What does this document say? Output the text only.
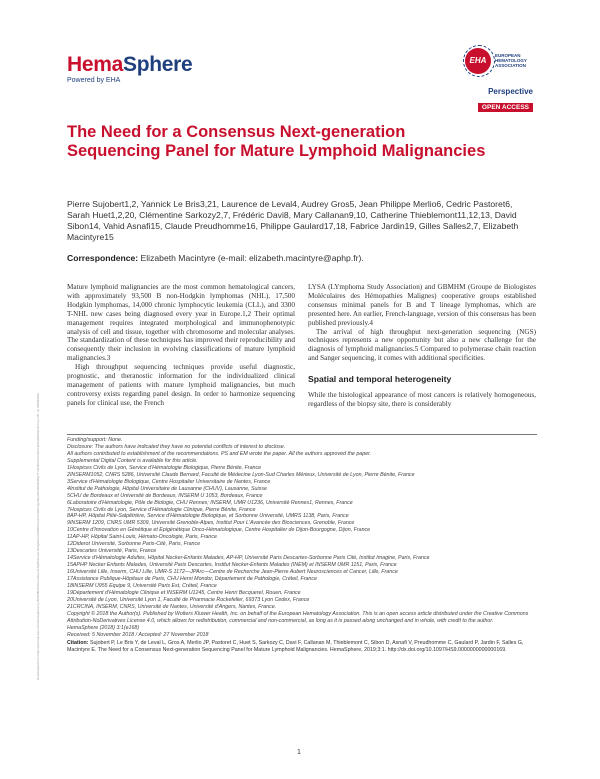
Downloaded from https://journals.lww.com/hemasphere by BhDMf5ePHKav1zEoum1tQfN4a+kJLhEZgbsIHo4XMi0hCywCX1AWnYQp/IlQrHD3i3D0OdRyi7TvSFl4Cf3VC4/OAVpDDa8KKGKV0Ymy+78= on 09/08/2023
HemaSphere
Powered by EHA
EHA
EUROPEAN
HEMATOLOGY
ASSOCIATION
Perspective
OPEN ACCESS
The Need for a Consensus Next-generation Sequencing Panel for Mature Lymphoid Malignancies

Pierre Sujobert1,2, Yannick Le Bris3,21, Laurence de Leval4, Audrey Gros5, Jean Philippe Merlio6, Cedric Pastoret6, Sarah Huet1,2,20, Clémentine Sarkozy2,7, Frédéric Davi8, Mary Callanan9,10, Catherine Thieblemont11,12,13, David Sibon14, Vahid Asnafi15, Claude Preudhomme16, Philippe Gaulard17,18, Fabrice Jardin19, Gilles Salles2,7, Elizabeth Macintyre15

Correspondence: Elizabeth Macintyre (e-mail: elizabeth.macintyre@aphp.fr).

Mature lymphoid malignancies are the most common hematological cancers, with approximately 93,500 B non-Hodgkin lymphomas (NHL), 17,500 Hodgkin lymphomas, 14,000 chronic lymphocytic leukemia (CLL), and 3300 T-NHL new cases being diagnosed every year in Europe.1,2 Their optimal management requires integrated morphological and immunophenotypic analysis of cell and tissue, together with chromosome and molecular analyses. The standardization of these techniques has improved their reproducibility and consequently their inclusion in evolving classifications of mature lymphoid malignancies.3

High throughput sequencing techniques provide useful diagnostic, prognostic, and theranostic information for the individualized clinical management of patients with mature lymphoid malignancies, but much controversy exists regarding panel design. In order to harmonize sequencing panels for clinical use, the French

LYSA (LYmphoma Study Association) and GBMHM (Groupe de Biologistes Moléculaires des Hémopathies Malignes) cooperative groups established consensus minimal panels for B and T lineage lymphomas, which are presented here. An earlier, French-language, version of this consensus has been published previously.4

The arrival of high throughput next-generation sequencing (NGS) techniques represents a new opportunity but also a new challenge for the diagnosis of lymphoid malignancies.5 Compared to polymerase chain reaction and Sanger sequencing, it comes with additional specificities.

Spatial and temporal heterogeneity

While the histological appearance of most cancers is relatively homogeneous, regardless of the biopsy site, there is considerably

Funding/support: None.
Disclosure: The authors have indicated they have no potential conflicts of interest to disclose.
All authors contributed to establishment of the recommendations. PS and EM wrote the paper. All the authors approved the paper.
Supplemental Digital Content is available for this article.
1Hospices Civils de Lyon, Service d'Hématologie Biologique, Pierre Bénite, France
2INSERM1052, CNRS 5286, Université Claude Bernard, Faculté de Médecine Lyon-Sud Charles Mérieux, Université de Lyon, Pierre Bénite, France
3Service d'Hématologie Biologique, Centre Hospitalier Universitaire de Nantes, France
4Institut de Pathologie, Hôpital Universitaire de Lausanne (CHUV), Lausanne, Suisse
5CHU de Bordeaux et Université de Bordeaux, INSERM U 1053, Bordeaux, France
6Laboratoire d'Hématologie, Pôle de Biologie, CHU Rennes; INSERM, UMR U1236, Université Rennes1, Rennes, France
7Hospices Civils de Lyon, Service d'Hématologie Clinique, Pierre Bénite, France
8AP-HP, Hôpital Pitié-Salpêtrière, Service d'Hématologie Biologique, et Sorbonne Université, UMRS 1138, Paris, France
9INSERM 1209, CNRS UMR 5309, Université Grenoble-Alpes, Institut Pour L'Avancée des Biosciences, Grenoble, France
10Centre d'Innovation en Génétique et Epigénétique Onco-Hématologique, Centre Hospitalier de Dijon-Bourgogne, Dijon, France
11AP-HP, Hôpital Saint-Louis, Hémato-Oncologie, Paris, France
12Diderot Université, Sorbonne Paris-Cité, Paris, France
13Descartes Université, Paris, France
14Service d'Hématologie Adultes, Hôpital Necker-Enfants Malades, AP-HP, Université Paris Descartes-Sorbonne Paris Cité, Institut Imagine, Paris, France
15APHP Necker Enfants Malades, Université Paris Descartes, Institut Necker-Enfants Malades (INEM) et INSERM UMR 1151, Paris, France
16Université Lille, Inserm, CHU Lille, UMR-S 1172—JPArc—Centre de Recherche Jean-Pierre Aubert Neurosciences et Cancer, Lille, France
17Assistance Publique-Hôpitaux de Paris, CHU Henri Mondor, Département de Pathologie, Créteil, France
18INSERM U955 Équipe 9, Université Paris Est, Créteil, France
19Département d'Hématologie Clinique et INSERM U1245, Centre Henri Becquerel, Rouen, France
20Université de Lyon, Université Lyon 1, Faculté de Pharmacie Rockefeller, 69373 Lyon Cedex, France
21CRCINA, INSERM, CNRS, Université de Nantes, Université d'Angers, Nantes, France.
Copyright © 2018 the Author(s). Published by Wolters Kluwer Health, Inc. on behalf of the European Hematology Association. This is an open access article distributed under the Creative Commons Attribution-NoDerivatives License 4.0, which allows for redistribution, commercial and non-commercial, as long as it is passed along unchanged and in whole, with credit to the author.
HemaSphere (2018) 3:1(e168)
Received: 5 November 2018 / Accepted: 27 November 2018
Citation: Sujobert P, Le Bris Y, de Leval L, Gros A, Merlio JP, Pastoret C, Huet S, Sarkozy C, Davi F, Callanan M, Thieblemont C, Sibon D, Asnafi V, Preudhomme C, Gaulard P, Jardin F, Salles G, Macintyre E. The Need for a Consensus Next-generation Sequencing Panel for Mature Lymphoid Malignancies. HemaSphere, 2019;3:1. http://dx.doi.org/10.1097/HS9.0000000000000169.
1
